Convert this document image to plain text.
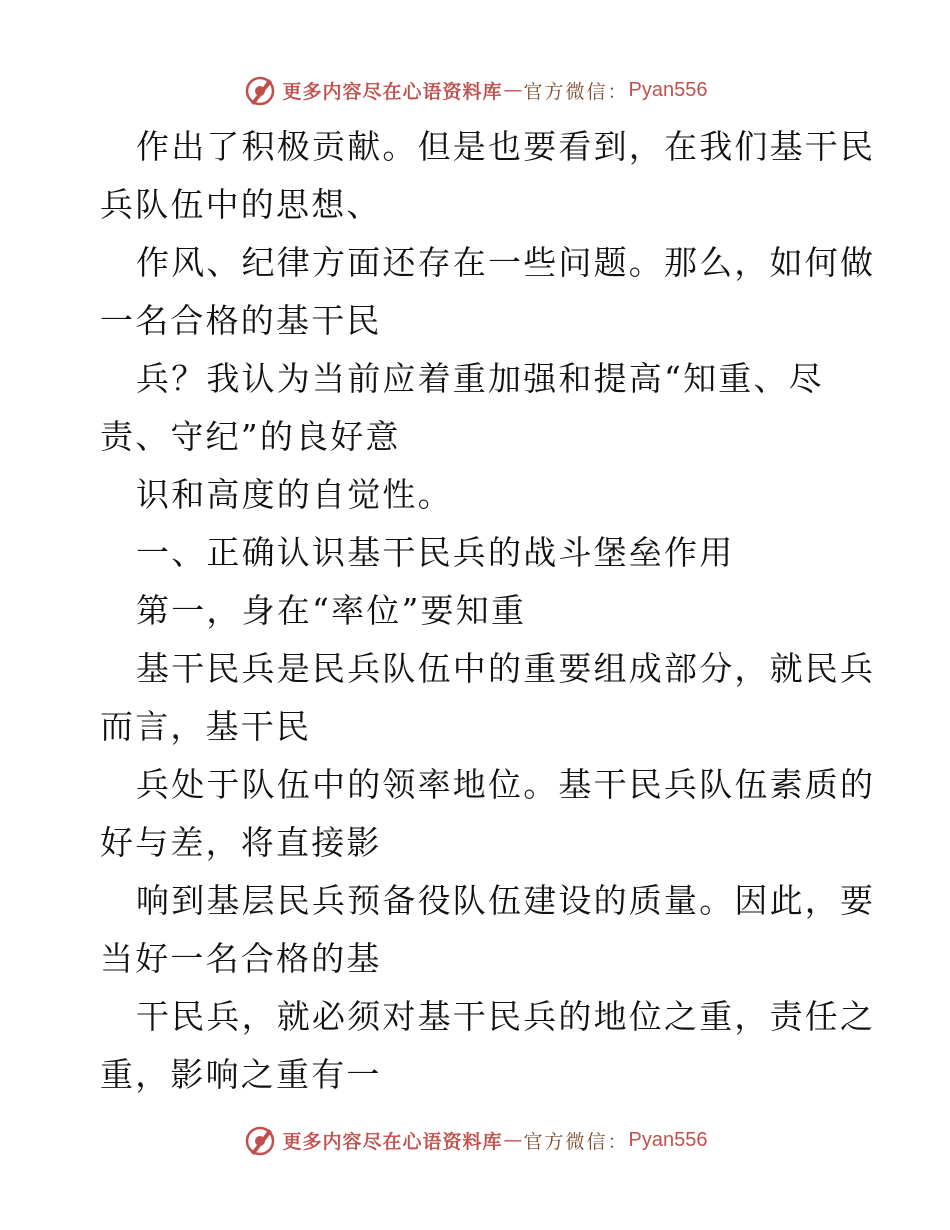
更多内容尽在心语资料库 — 官方微信： Pyan556
作出了积极贡献。但是也要看到，在我们基干民
兵队伍中的思想、
作风、纪律方面还存在一些问题。那么，如何做
一名合格的基干民
兵？我认为当前应着重加强和提高“知重、尽
责、守纪”的良好意
识和高度的自觉性。
一、正确认识基干民兵的战斗堡垒作用
第一，身在“率位”要知重
基干民兵是民兵队伍中的重要组成部分，就民兵
而言，基干民
兵处于队伍中的领率地位。基干民兵队伍素质的
好与差，将直接影
响到基层民兵预备役队伍建设的质量。因此，要
当好一名合格的基
干民兵，就必须对基干民兵的地位之重，责任之
重，影响之重有一
更多内容尽在心语资料库 — 官方微信： Pyan556
